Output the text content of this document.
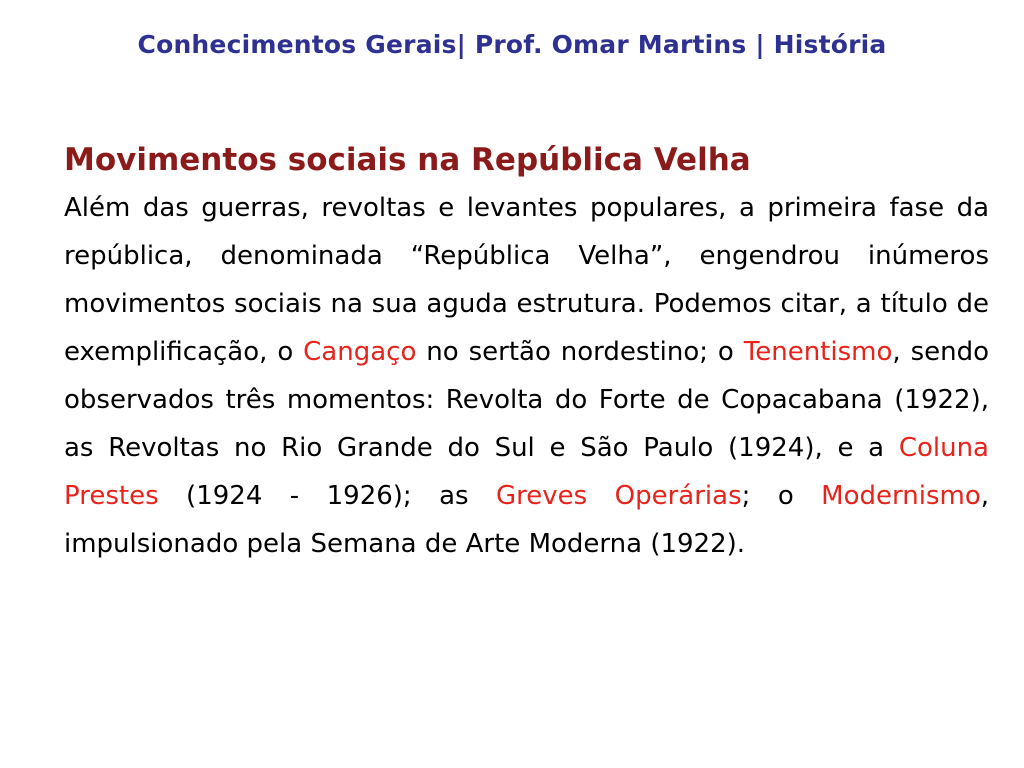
Conhecimentos Gerais| Prof. Omar Martins | História
Movimentos sociais na República Velha

Além das guerras, revoltas e levantes populares, a primeira fase da república, denominada “República Velha”, engendrou inúmeros movimentos sociais na sua aguda estrutura. Podemos citar, a título de exemplificação, o Cangaço no sertão nordestino; o Tenentismo, sendo observados três momentos: Revolta do Forte de Copacabana (1922), as Revoltas no Rio Grande do Sul e São Paulo (1924), e a Coluna Prestes (1924 - 1926); as Greves Operárias; o Modernismo, impulsionado pela Semana de Arte Moderna (1922).
